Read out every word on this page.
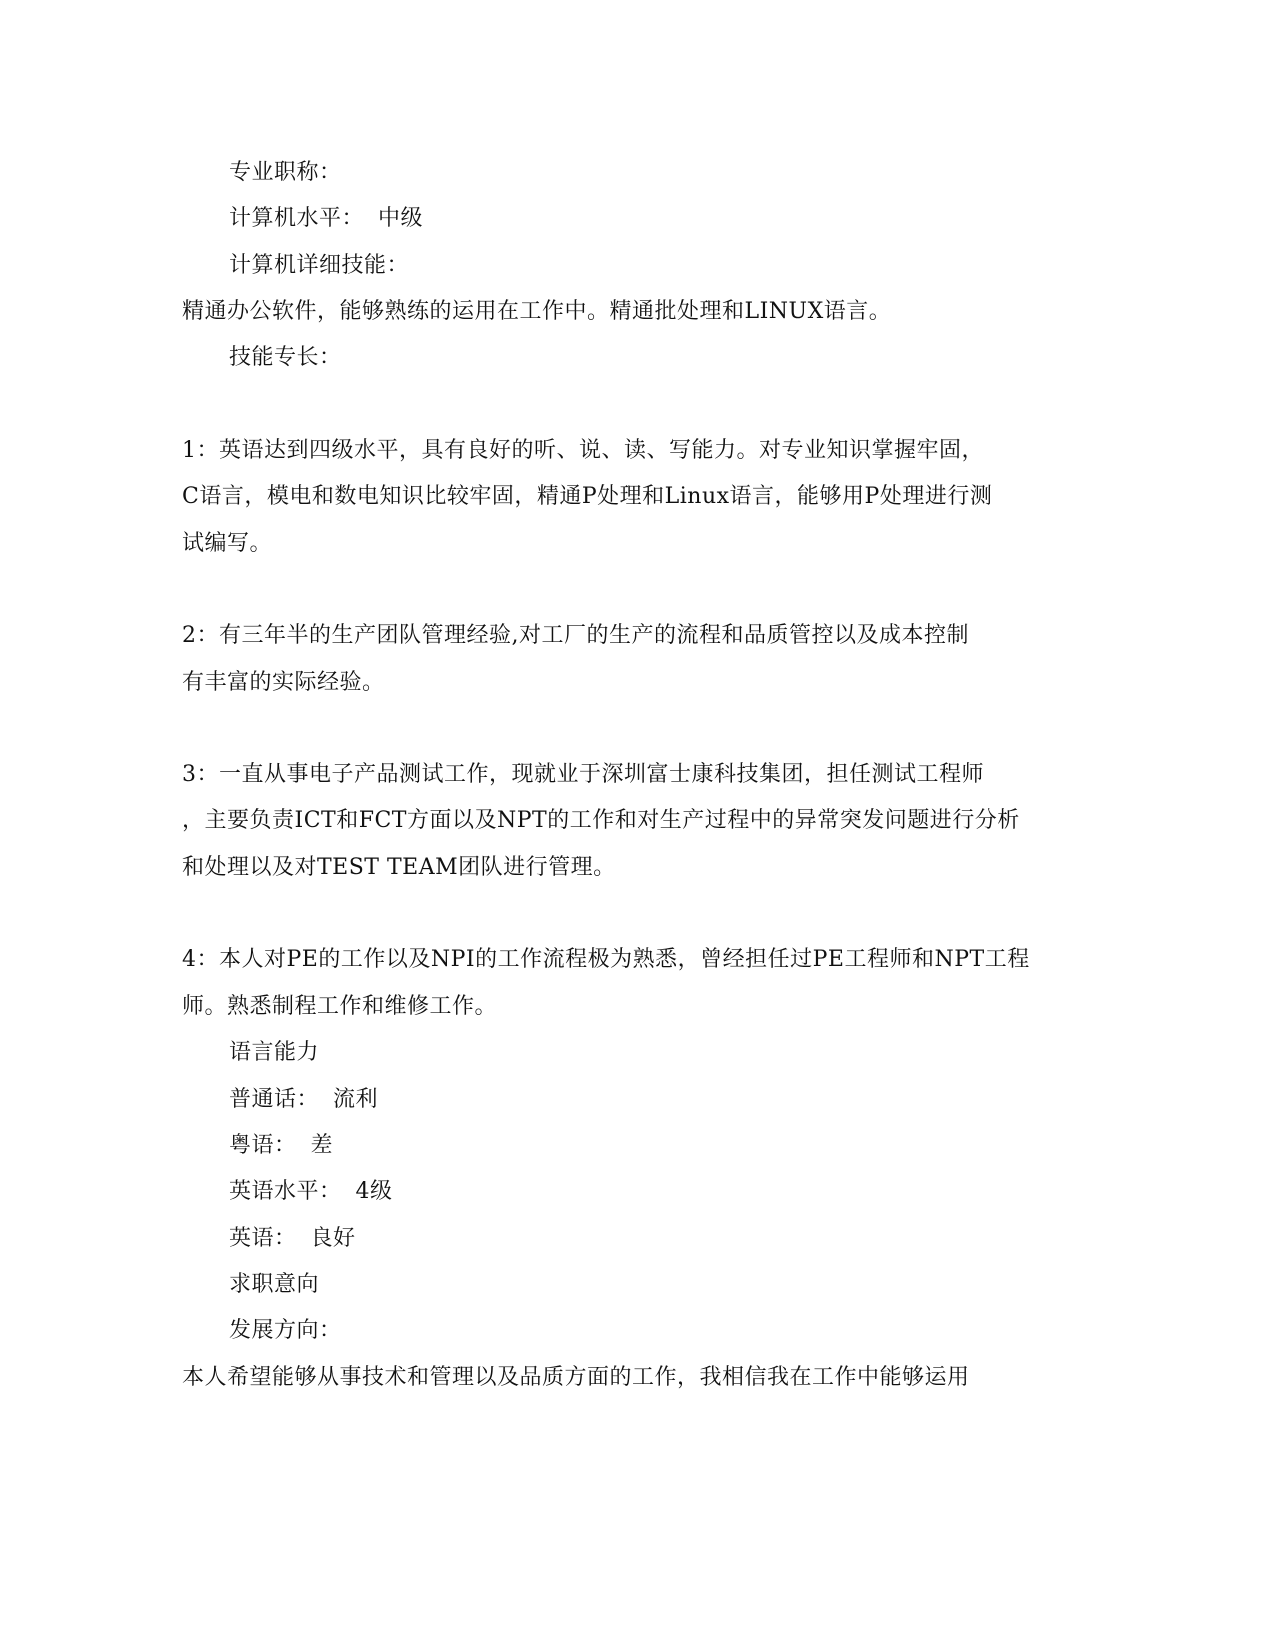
专业职称：
计算机水平： 中级
计算机详细技能：
精通办公软件，能够熟练的运用在工作中。精通批处理和LINUX语言。
技能专长：
1：英语达到四级水平，具有良好的听、说、读、写能力。对专业知识掌握牢固，
C语言，模电和数电知识比较牢固，精通P处理和Linux语言，能够用P处理进行测
试编写。
2：有三年半的生产团队管理经验,对工厂的生产的流程和品质管控以及成本控制
有丰富的实际经验。
3：一直从事电子产品测试工作，现就业于深圳富士康科技集团，担任测试工程师
，主要负责ICT和FCT方面以及NPT的工作和对生产过程中的异常突发问题进行分析
和处理以及对TEST TEAM团队进行管理。
4：本人对PE的工作以及NPI的工作流程极为熟悉，曾经担任过PE工程师和NPT工程
师。熟悉制程工作和维修工作。
语言能力
普通话： 流利
粤语： 差
英语水平： 4级
英语： 良好
求职意向
发展方向：
本人希望能够从事技术和管理以及品质方面的工作，我相信我在工作中能够运用
